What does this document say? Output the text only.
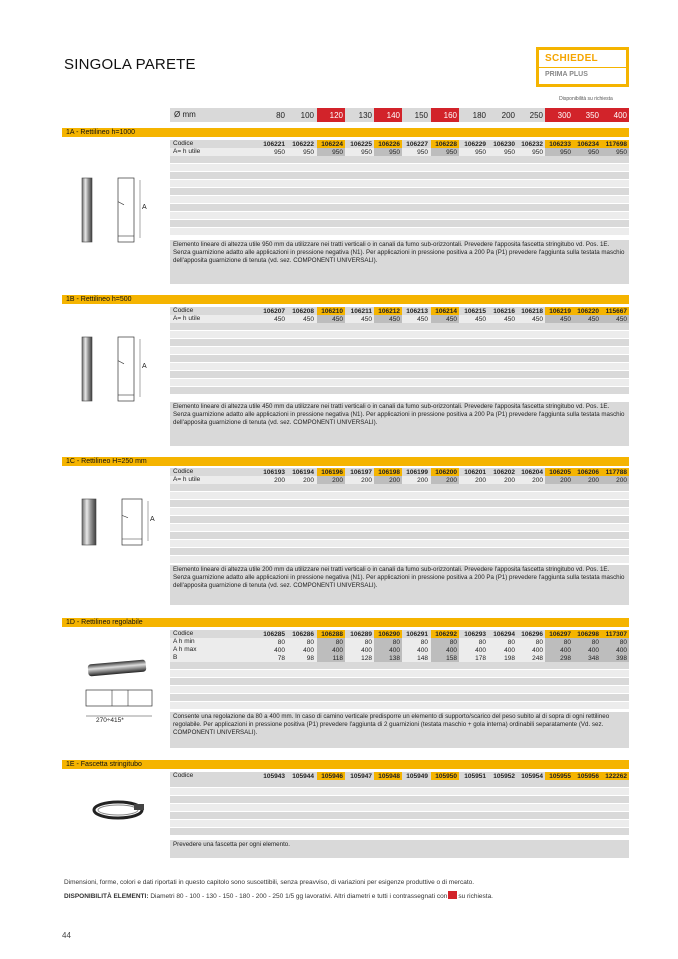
SINGOLA PARETE	SCHIEDEL
PRIMA PLUS
Disponibilità su richiesta
Ø mm	80	100	120	130	140	150	160	180	200	250	300	350	400
1A - Rettilineo h=1000
Codice	106221	106222	106224	106225 106226 106227	106228	106229	106230 106232 106233 106234	117698
A= h utile	950	950	950	950	950	950	950	950	950	950	950	950	950
Elemento lineare di altezza utile 950 mm da utilizzare nei tratti verticali o in canali da fumo sub-orizzontali. Prevedere l'apposita fascetta stringitubo vd. Pos. 1E. Senza guarnizione adatto alle applicazioni in pressione negativa (N1). Per applicazioni in pressione positiva a 200 Pa (P1) prevedere l'aggiunta sulla testata maschio dell'apposita guarnizione di tenuta (vd. sez. COMPONENTI UNIVERSALI).
A
1B - Rettilineo h=500
Codice	106207	106208	106210	106211 106212 106213	106214	106215	106216 106218 106219 106220	115667
A= h utile	450	450	450	450	450	450	450	450	450	450	450	450	450
Elemento lineare di altezza utile 450 mm da utilizzare nei tratti verticali o in canali da fumo sub-orizzontali. Prevedere l'apposita fascetta stringitubo vd. Pos. 1E. Senza guarnizione adatto alle applicazioni in pressione negativa (N1). Per applicazioni in pressione positiva a 200 Pa (P1) prevedere l'aggiunta sulla testata maschio dell'apposita guarnizione di tenuta (vd. sez. COMPONENTI UNIVERSALI).
A
1C - Rettilineo H=250 mm
Codice	106193	106194	106196	106197 106198 106199	106200	106201	106202 106204 106205 106206	117788
A= h utile	200	200	200	200	200	200	200	200	200	200	200	200	200
Elemento lineare di altezza utile 200 mm da utilizzare nei tratti verticali o in canali da fumo sub-orizzontali. Prevedere l'apposita fascetta stringitubo vd. Pos. 1E. Senza guarnizione adatto alle applicazioni in pressione negativa (N1). Per applicazioni in pressione positiva a 200 Pa (P1) prevedere l'aggiunta sulla testata maschio dell'apposita guarnizione di tenuta (vd. sez. COMPONENTI UNIVERSALI).
A
1D - Rettilineo regolabile
Codice	106285	106286	106288	106289 106290 106291	106292	106293	106294 106296 106297 106298	117307
A h min	80	80	80	80	80	80	80	80	80	80	80	80	80
A h max	400	400	400	400	400	400	400	400	400	400	400	400	400
B	78	98	118	128	138	148	158	178	198	248	298	348	398
Consente una regolazione da 80 a 400 mm. In caso di camino verticale predisporre un elemento di supporto/scarico del peso subito al di sopra di ogni rettilineo regolabile. Per applicazioni in pressione positiva (P1) prevedere l'aggiunta di 2 guarnizioni (testata maschio + gola interna) ordinabili separatamente (Vd. sez. COMPONENTI UNIVERSALI).
270÷415*
1E - Fascetta stringitubo
Codice	105943	105944	105946	105947 105948 105949	105950	105951	105952 105954 105955 105956 122262
Prevedere una fascetta per ogni elemento.
Dimensioni, forme, colori e dati riportati in questo capitolo sono suscettibili, senza preavviso, di variazioni per esigenze produttive o di mercato.
DISPONIBILITÀ ELEMENTI: Diametri 80 - 100 - 130 - 150 - 180 - 200 - 250 1/5 gg lavorativi. Altri diametri e tutti i contrassegnati con su richiesta.
44
